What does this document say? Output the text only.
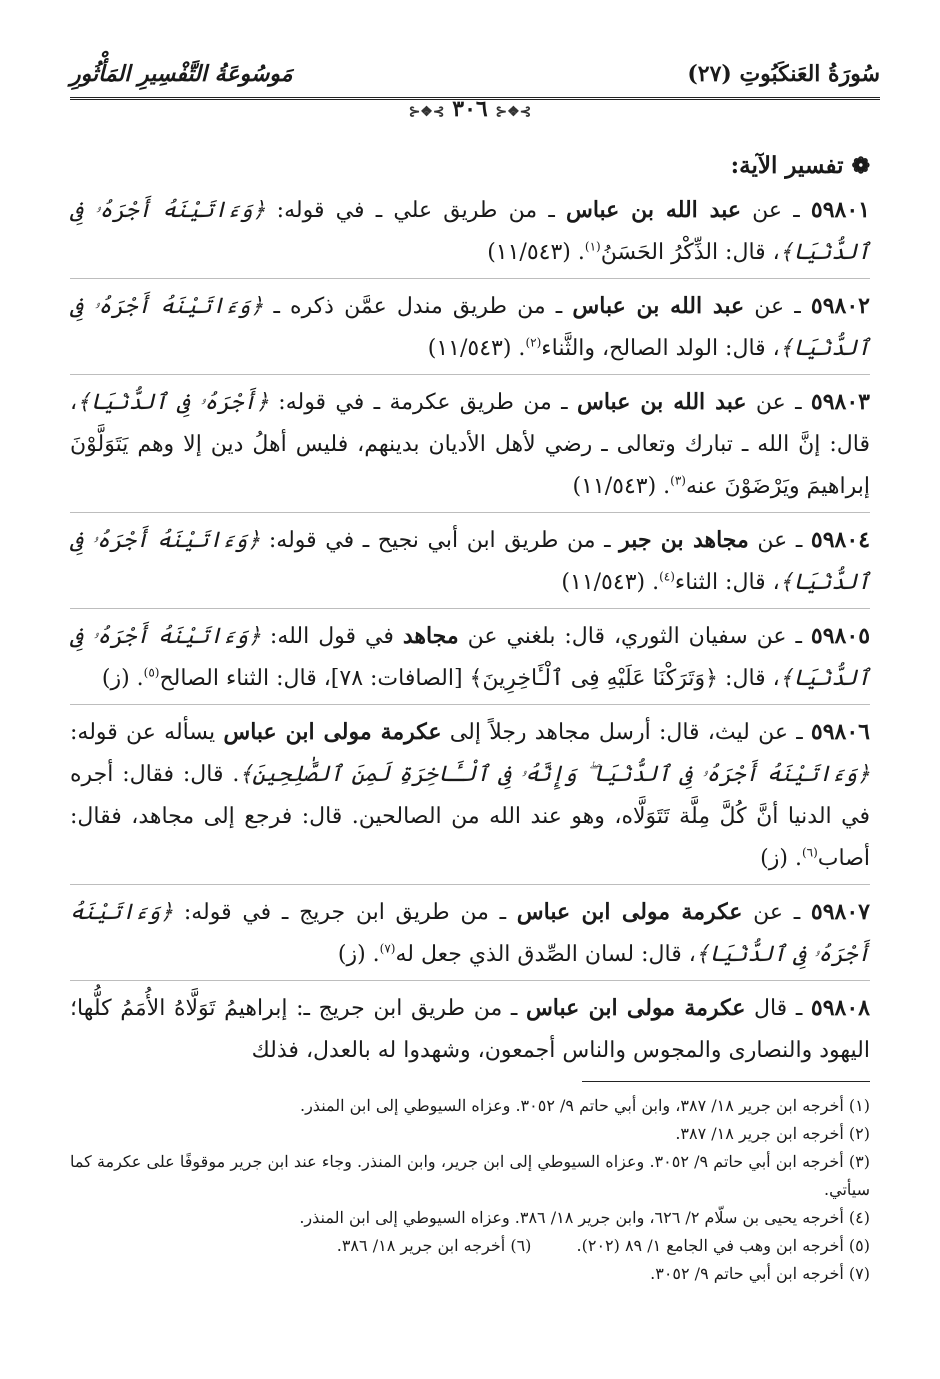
سُورَةُ العَنكَبُوتِ (٢٧)
مَوسُوعَةُ التَّفْسِيرِ المَأْثُورِ
⊱❖⊰ ٣٠٦ ⊱❖⊰
❁تفسير الآية:

٥٩٨٠١ ـ عن عبد الله بن عباس ـ من طريق علي ـ في قوله: ﴿وَءَاتَيْنَهُ أَجْرَهُۥ فِى ٱلدُّنْيَا﴾، قال: الذِّكْرُ الحَسَنُ$^{(١)}$. (١١/٥٤٣)

٥٩٨٠٢ ـ عن عبد الله بن عباس ـ من طريق مندل عمَّن ذكره ـ ﴿وَءَاتَيْنَهُ أَجْرَهُۥ فِى ٱلدُّنْيَا﴾، قال: الولد الصالح، والثَّناء$^{(٢)}$. (١١/٥٤٣)

٥٩٨٠٣ ـ عن عبد الله بن عباس ـ من طريق عكرمة ـ في قوله: ﴿أَجْرَهُۥ فِى ٱلدُّنْيَا﴾، قال: إنَّ الله ـ تبارك وتعالى ـ رضي لأهل الأديان بدينهم، فليس أهلُ دين إلا وهم يَتَوَلَّوْنَ إبراهيمَ ويَرْضَوْنَ عنه$^{(٣)}$. (١١/٥٤٣)

٥٩٨٠٤ ـ عن مجاهد بن جبر ـ من طريق ابن أبي نجيح ـ في قوله: ﴿وَءَاتَيْنَهُ أَجْرَهُۥ فِى ٱلدُّنْيَا﴾، قال: الثناء$^{(٤)}$. (١١/٥٤٣)

٥٩٨٠٥ ـ عن سفيان الثوري، قال: بلغني عن مجاهد في قول الله: ﴿وَءَاتَيْنَهُ أَجْرَهُۥ فِى ٱلدُّنْيَا﴾، قال: ﴿وَتَرَكْنَا عَلَيْهِ فِى ٱلْـَٔاخِرِينَ﴾ [الصافات: ٧٨]، قال: الثناء الصالح$^{(٥)}$. (ز)

٥٩٨٠٦ ـ عن ليث، قال: أرسل مجاهد رجلاً إلى عكرمة مولى ابن عباس يسأله عن قوله: ﴿وَءَاتَيْنَهُ أَجْرَهُۥ فِى ٱلدُّنْيَا ۖ وَإِنَّهُۥ فِى ٱلْـَٔاخِرَةِ لَمِنَ ٱلصَّٰلِحِينَ﴾. قال: فقال: أجره في الدنيا أنَّ كُلَّ مِلَّة تَتَوَلَّاه، وهو عند الله من الصالحين. قال: فرجع إلى مجاهد، فقال: أصاب$^{(٦)}$. (ز)

٥٩٨٠٧ ـ عن عكرمة مولى ابن عباس ـ من طريق ابن جريج ـ في قوله: ﴿وَءَاتَيْنَهُ أَجْرَهُۥ فِى ٱلدُّنْيَا﴾، قال: لسان الصِّدق الذي جعل له$^{(٧)}$. (ز)

٥٩٨٠٨ ـ قال عكرمة مولى ابن عباس ـ من طريق ابن جريج ـ: إبراهيمُ تَوَلَّاهُ الأُمَمُ كلُّها؛ اليهود والنصارى والمجوس والناس أجمعون، وشهدوا له بالعدل، فذلك

(١) أخرجه ابن جرير ١٨/ ٣٨٧، وابن أبي حاتم ٩/ ٣٠٥٢. وعزاه السيوطي إلى ابن المنذر.

(٢) أخرجه ابن جرير ١٨/ ٣٨٧.

(٣) أخرجه ابن أبي حاتم ٩/ ٣٠٥٢. وعزاه السيوطي إلى ابن جرير، وابن المنذر. وجاء عند ابن جرير موقوفًا على عكرمة كما سيأتي.

(٤) أخرجه يحيى بن سلّام ٢/ ٦٢٦، وابن جرير ١٨/ ٣٨٦. وعزاه السيوطي إلى ابن المنذر.

(٥) أخرجه ابن وهب في الجامع ١/ ٨٩ (٢٠٢). (٦) أخرجه ابن جرير ١٨/ ٣٨٦.

(٧) أخرجه ابن أبي حاتم ٩/ ٣٠٥٢.
